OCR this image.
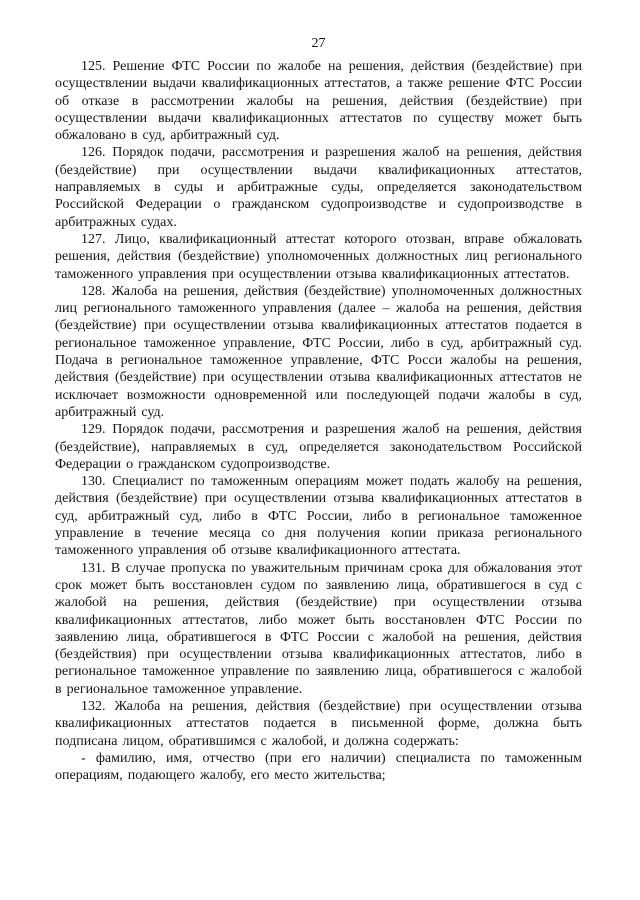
27

125. Решение ФТС России по жалобе на решения, действия (бездействие) при осуществлении выдачи квалификационных аттестатов, а также решение ФТС России об отказе в рассмотрении жалобы на решения, действия (бездействие) при осуществлении выдачи квалификационных аттестатов по существу может быть обжаловано в суд, арбитражный суд.

126. Порядок подачи, рассмотрения и разрешения жалоб на решения, действия (бездействие) при осуществлении выдачи квалификационных аттестатов, направляемых в суды и арбитражные суды, определяется законодательством Российской Федерации о гражданском судопроизводстве и судопроизводстве в арбитражных судах.

127. Лицо, квалификационный аттестат которого отозван, вправе обжаловать решения, действия (бездействие) уполномоченных должностных лиц регионального таможенного управления при осуществлении отзыва квалификационных аттестатов.

128. Жалоба на решения, действия (бездействие) уполномоченных должностных лиц регионального таможенного управления (далее – жалоба на решения, действия (бездействие) при осуществлении отзыва квалификационных аттестатов подается в региональное таможенное управление, ФТС России, либо в суд, арбитражный суд. Подача в региональное таможенное управление, ФТС Росси жалобы на решения, действия (бездействие) при осуществлении отзыва квалификационных аттестатов не исключает возможности одновременной или последующей подачи жалобы в суд, арбитражный суд.

129. Порядок подачи, рассмотрения и разрешения жалоб на решения, действия (бездействие), направляемых в суд, определяется законодательством Российской Федерации о гражданском судопроизводстве.

130. Специалист по таможенным операциям может подать жалобу на решения, действия (бездействие) при осуществлении отзыва квалификационных аттестатов в суд, арбитражный суд, либо в ФТС России, либо в региональное таможенное управление в течение месяца со дня получения копии приказа регионального таможенного управления об отзыве квалификационного аттестата.

131. В случае пропуска по уважительным причинам срока для обжалования этот срок может быть восстановлен судом по заявлению лица, обратившегося в суд с жалобой на решения, действия (бездействие) при осуществлении отзыва квалификационных аттестатов, либо может быть восстановлен ФТС России по заявлению лица, обратившегося в ФТС России с жалобой на решения, действия (бездействия) при осуществлении отзыва квалификационных аттестатов, либо в региональное таможенное управление по заявлению лица, обратившегося с жалобой в региональное таможенное управление.

132. Жалоба на решения, действия (бездействие) при осуществлении отзыва квалификационных аттестатов подается в письменной форме, должна быть подписана лицом, обратившимся с жалобой, и должна содержать:

- фамилию, имя, отчество (при его наличии) специалиста по таможенным операциям, подающего жалобу, его место жительства;
